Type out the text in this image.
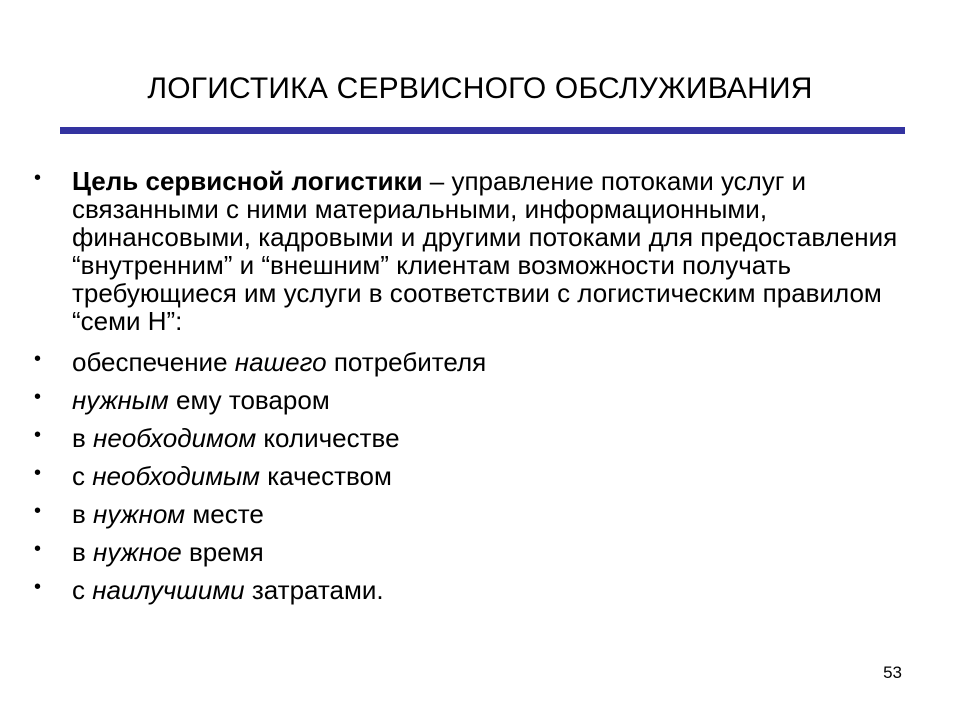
ЛОГИСТИКА СЕРВИСНОГО ОБСЛУЖИВАНИЯ
• Цель сервисной логистики – управление потоками услуг и связанными с ними материальными, информационными, финансовыми, кадровыми и другими потоками для предоставления “внутренним” и “внешним” клиентам возможности получать требующиеся им услуги в соответствии с логистическим правилом “семи Н”:
• обеспечение нашего потребителя
• нужным ему товаром
• в необходимом количестве
• с необходимым качеством
• в нужном месте
• в нужное время
• с наилучшими затратами.
53
